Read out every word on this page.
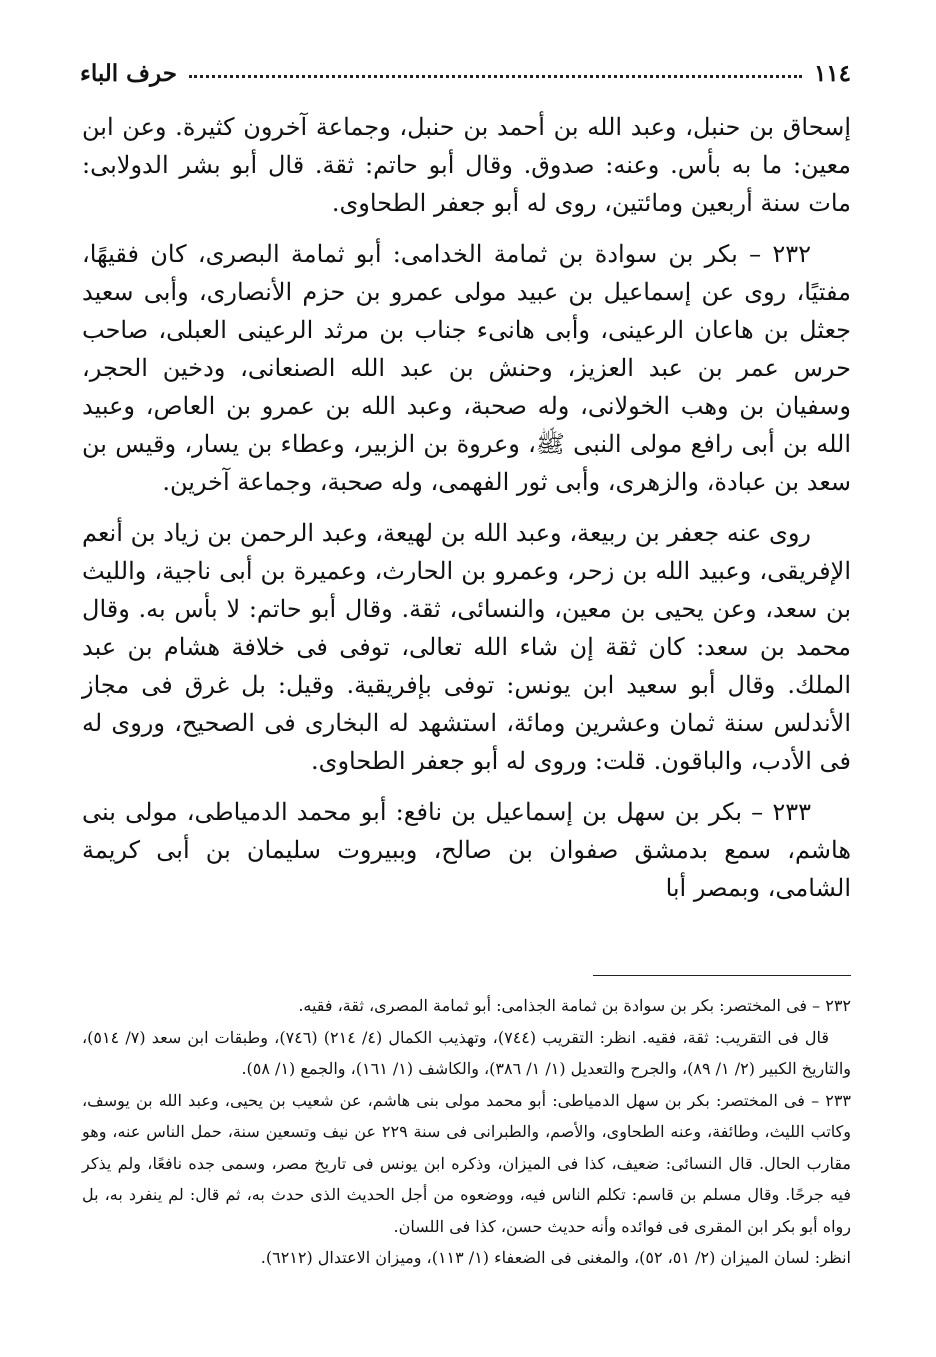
١١٤
حرف الباء

إسحاق بن حنبل، وعبد الله بن أحمد بن حنبل، وجماعة آخرون كثيرة. وعن ابن معين: ما به بأس. وعنه: صدوق. وقال أبو حاتم: ثقة. قال أبو بشر الدولابى: مات سنة أربعين ومائتين، روى له أبو جعفر الطحاوى.

٢٣٢ – بكر بن سوادة بن ثمامة الخدامى: أبو ثمامة البصرى، كان فقيهًا، مفتيًا، روى عن إسماعيل بن عبيد مولى عمرو بن حزم الأنصارى، وأبى سعيد جعثل بن هاعان الرعينى، وأبى هانىء جناب بن مرثد الرعينى العبلى، صاحب حرس عمر بن عبد العزيز، وحنش بن عبد الله الصنعانى، ودخين الحجر، وسفيان بن وهب الخولانى، وله صحبة، وعبد الله بن عمرو بن العاص، وعبيد الله بن أبى رافع مولى النبى ﷺ، وعروة بن الزبير، وعطاء بن يسار، وقيس بن سعد بن عبادة، والزهرى، وأبى ثور الفهمى، وله صحبة، وجماعة آخرين.

روى عنه جعفر بن ربيعة، وعبد الله بن لهيعة، وعبد الرحمن بن زياد بن أنعم الإفريقى، وعبيد الله بن زحر، وعمرو بن الحارث، وعميرة بن أبى ناجية، والليث بن سعد، وعن يحيى بن معين، والنسائى، ثقة. وقال أبو حاتم: لا بأس به. وقال محمد بن سعد: كان ثقة إن شاء الله تعالى، توفى فى خلافة هشام بن عبد الملك. وقال أبو سعيد ابن يونس: توفى بإفريقية. وقيل: بل غرق فى مجاز الأندلس سنة ثمان وعشرين ومائة، استشهد له البخارى فى الصحيح، وروى له فى الأدب، والباقون. قلت: وروى له أبو جعفر الطحاوى.

٢٣٣ – بكر بن سهل بن إسماعيل بن نافع: أبو محمد الدمياطى، مولى بنى هاشم، سمع بدمشق صفوان بن صالح، وببيروت سليمان بن أبى كريمة الشامى، وبمصر أبا

٢٣٢ – فى المختصر: بكر بن سوادة بن ثمامة الجذامى: أبو ثمامة المصرى، ثقة، فقيه.

قال فى التقريب: ثقة، فقيه. انظر: التقريب (٧٤٤)، وتهذيب الكمال (٤/ ٢١٤) (٧٤٦)، وطبقات ابن سعد (٧/ ٥١٤)، والتاريخ الكبير (٢/ ١/ ٨٩)، والجرح والتعديل (١/ ١/ ٣٨٦)، والكاشف (١/ ١٦١)، والجمع (١/ ٥٨).

٢٣٣ – فى المختصر: بكر بن سهل الدمياطى: أبو محمد مولى بنى هاشم، عن شعيب بن يحيى، وعبد الله بن يوسف، وكاتب الليث، وطائفة، وعنه الطحاوى، والأصم، والطبرانى فى سنة ٢٢٩ عن نيف وتسعين سنة، حمل الناس عنه، وهو مقارب الحال. قال النسائى: ضعيف، كذا فى الميزان، وذكره ابن يونس فى تاريخ مصر، وسمى جده نافعًا، ولم يذكر فيه جرحًا. وقال مسلم بن قاسم: تكلم الناس فيه، ووضعوه من أجل الحديث الذى حدث به، ثم قال: لم ينفرد به، بل رواه أبو بكر ابن المقرى فى فوائده وأنه حديث حسن، كذا فى اللسان.

انظر: لسان الميزان (٢/ ٥١، ٥٢)، والمغنى فى الضعفاء (١/ ١١٣)، وميزان الاعتدال (٦٢١٢).
